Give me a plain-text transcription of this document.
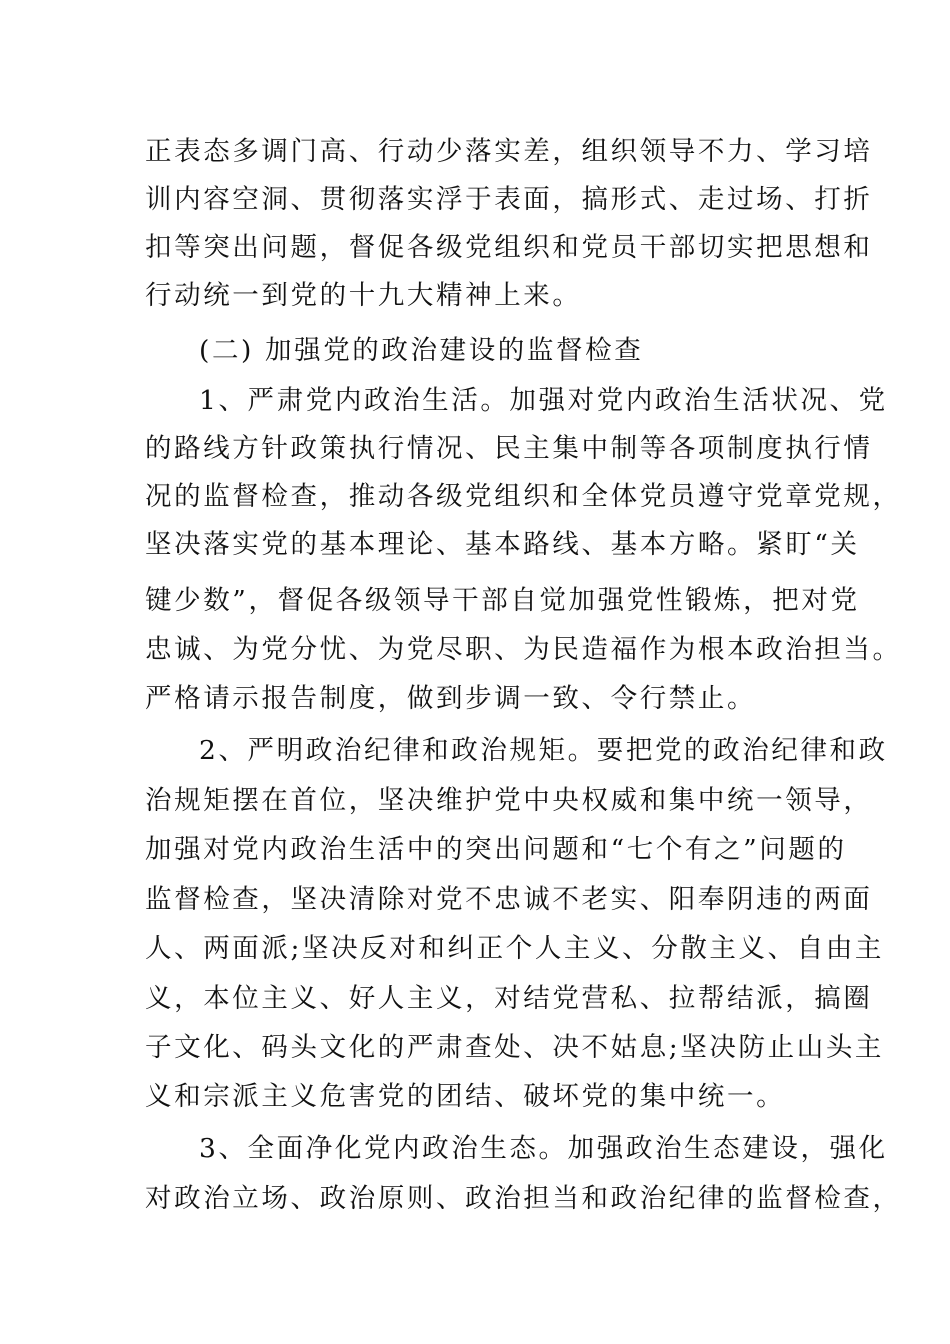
正表态多调门高、行动少落实差，组织领导不力、学习培

训内容空洞、贯彻落实浮于表面，搞形式、走过场、打折

扣等突出问题，督促各级党组织和党员干部切实把思想和

行动统一到党的十九大精神上来。

(二) 加强党的政治建设的监督检查

1、严肃党内政治生活。加强对党内政治生活状况、党

的路线方针政策执行情况、民主集中制等各项制度执行情

况的监督检查，推动各级党组织和全体党员遵守党章党规，

坚决落实党的基本理论、基本路线、基本方略。紧盯“关

键少数”，督促各级领导干部自觉加强党性锻炼，把对党

忠诚、为党分忧、为党尽职、为民造福作为根本政治担当。

严格请示报告制度，做到步调一致、令行禁止。

2、严明政治纪律和政治规矩。要把党的政治纪律和政

治规矩摆在首位，坚决维护党中央权威和集中统一领导，

加强对党内政治生活中的突出问题和“七个有之”问题的

监督检查，坚决清除对党不忠诚不老实、阳奉阴违的两面

人、两面派;坚决反对和纠正个人主义、分散主义、自由主

义，本位主义、好人主义，对结党营私、拉帮结派，搞圈

子文化、码头文化的严肃查处、决不姑息;坚决防止山头主

义和宗派主义危害党的团结、破坏党的集中统一。

3、全面净化党内政治生态。加强政治生态建设，强化

对政治立场、政治原则、政治担当和政治纪律的监督检查，
